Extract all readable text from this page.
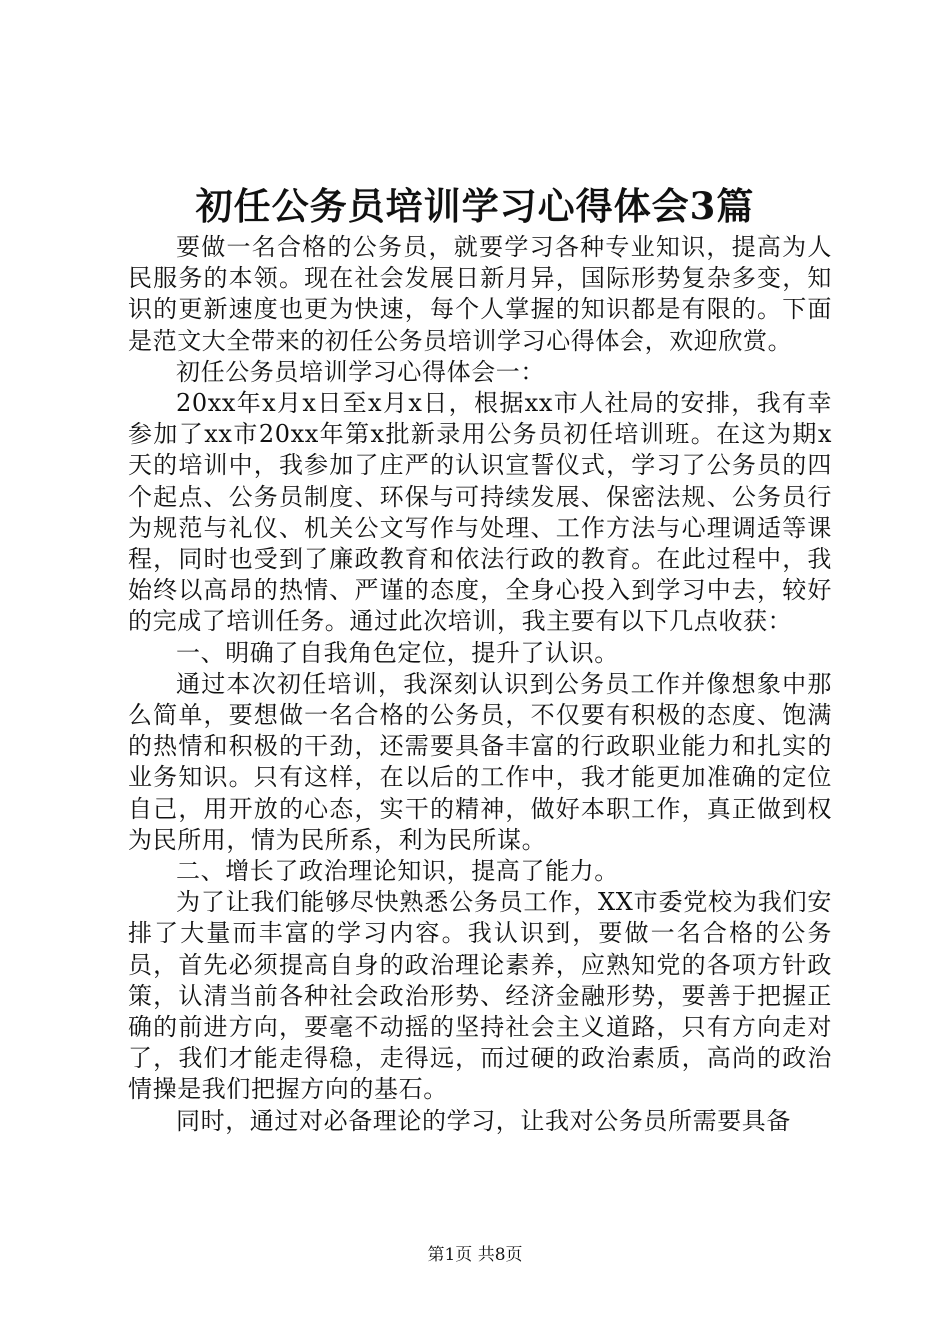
初任公务员培训学习心得体会3篇

要做一名合格的公务员，就要学习各种专业知识，提高为人民服务的本领。现在社会发展日新月异，国际形势复杂多变，知识的更新速度也更为快速，每个人掌握的知识都是有限的。下面是范文大全带来的初任公务员培训学习心得体会，欢迎欣赏。

初任公务员培训学习心得体会一：

20xx年x月x日至x月x日，根据xx市人社局的安排，我有幸参加了xx市20xx年第x批新录用公务员初任培训班。在这为期x天的培训中，我参加了庄严的认识宣誓仪式，学习了公务员的四个起点、公务员制度、环保与可持续发展、保密法规、公务员行为规范与礼仪、机关公文写作与处理、工作方法与心理调适等课程，同时也受到了廉政教育和依法行政的教育。在此过程中，我始终以高昂的热情、严谨的态度，全身心投入到学习中去，较好的完成了培训任务。通过此次培训，我主要有以下几点收获：

一、明确了自我角色定位，提升了认识。

通过本次初任培训，我深刻认识到公务员工作并像想象中那么简单，要想做一名合格的公务员，不仅要有积极的态度、饱满的热情和积极的干劲，还需要具备丰富的行政职业能力和扎实的业务知识。只有这样，在以后的工作中，我才能更加准确的定位自己，用开放的心态，实干的精神，做好本职工作，真正做到权为民所用，情为民所系，利为民所谋。

二、增长了政治理论知识，提高了能力。

为了让我们能够尽快熟悉公务员工作，XX市委党校为我们安排了大量而丰富的学习内容。我认识到，要做一名合格的公务员，首先必须提高自身的政治理论素养，应熟知党的各项方针政策，认清当前各种社会政治形势、经济金融形势，要善于把握正确的前进方向，要毫不动摇的坚持社会主义道路，只有方向走对了，我们才能走得稳，走得远，而过硬的政治素质，高尚的政治情操是我们把握方向的基石。

同时，通过对必备理论的学习，让我对公务员所需要具备

第1页 共8页
